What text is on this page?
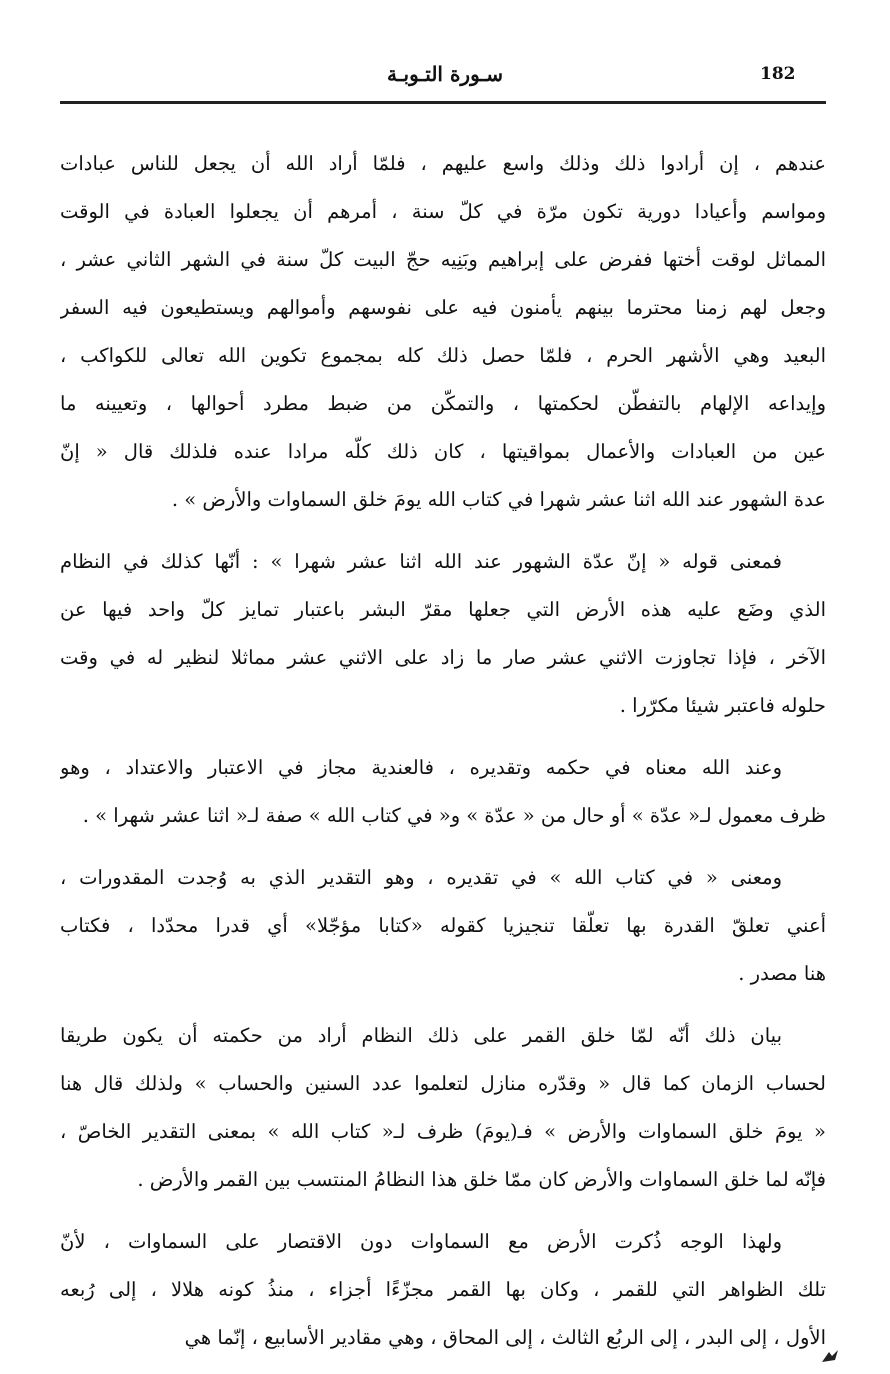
182
سـورة التـوبـة
عندهم ، إن أرادوا ذلك وذلك واسع عليهم ، فلمّا أراد الله أن يجعل للناس عبادات
ومواسم وأعيادا دورية تكون مرّة في كلّ سنة ، أمرهم أن يجعلوا العبادة في الوقت
المماثل لوقت أختها ففرض على إبراهيم وبَنِيه حجّ البيت كلّ سنة في الشهر الثاني عشر ،
وجعل لهم زمنا محترما بينهم يأمنون فيه على نفوسهم وأموالهم ويستطيعون فيه السفر
البعيد وهي الأشهر الحرم ، فلمّا حصل ذلك كله بمجموع تكوين الله تعالى للكواكب ،
وإيداعه الإلهام بالتفطّن لحكمتها ، والتمكّن من ضبط مطرد أحوالها ، وتعيينه ما
عين من العبادات والأعمال بمواقيتها ، كان ذلك كلّه مرادا عنده فلذلك قال « إنّ
عدة الشهور عند الله اثنا عشر شهرا في كتاب الله يومَ خلق السماوات والأرض » .
فمعنى قوله « إنّ عدّة الشهور عند الله اثنا عشر شهرا » : أنّها كذلك في النظام
الذي وضَع عليه هذه الأرض التي جعلها مقرّ البشر باعتبار تمايز كلّ واحد فيها عن
الآخر ، فإذا تجاوزت الاثني عشر صار ما زاد على الاثني عشر مماثلا لنظير له في وقت
حلوله فاعتبر شيئا مكرّرا .
وعند الله معناه في حكمه وتقديره ، فالعندية مجاز في الاعتبار والاعتداد ، وهو
ظرف معمول لـ« عدّة » أو حال من « عدّة » و« في كتاب الله » صفة لـ« اثنا عشر شهرا » .
ومعنى « في كتاب الله » في تقديره ، وهو التقدير الذي به وُجدت المقدورات ،
أعني تعلقّ القدرة بها تعلّقا تنجيزيا كقوله «كتابا مؤجّلا» أي قدرا محدّدا ، فكتاب
هنا مصدر .
بيان ذلك أنّه لمّا خلق القمر على ذلك النظام أراد من حكمته أن يكون طريقا
لحساب الزمان كما قال « وقدّره منازل لتعلموا عدد السنين والحساب » ولذلك قال هنا
« يومَ خلق السماوات والأرض » فـ(يومَ) ظرف لـ« كتاب الله » بمعنى التقدير الخاصّ ،
فإنّه لما خلق السماوات والأرض كان ممّا خلق هذا النظامُ المنتسب بين القمر والأرض .
ولهذا الوجه ذُكرت الأرض مع السماوات دون الاقتصار على السماوات ، لأنّ
تلك الظواهر التي للقمر ، وكان بها القمر مجزّءًا أجزاء ، منذُ كونه هلالا ، إلى رُبعه
الأول ، إلى البدر ، إلى الربُع الثالث ، إلى المحاق ، وهي مقادير الأسابيع ، إنّما هي
